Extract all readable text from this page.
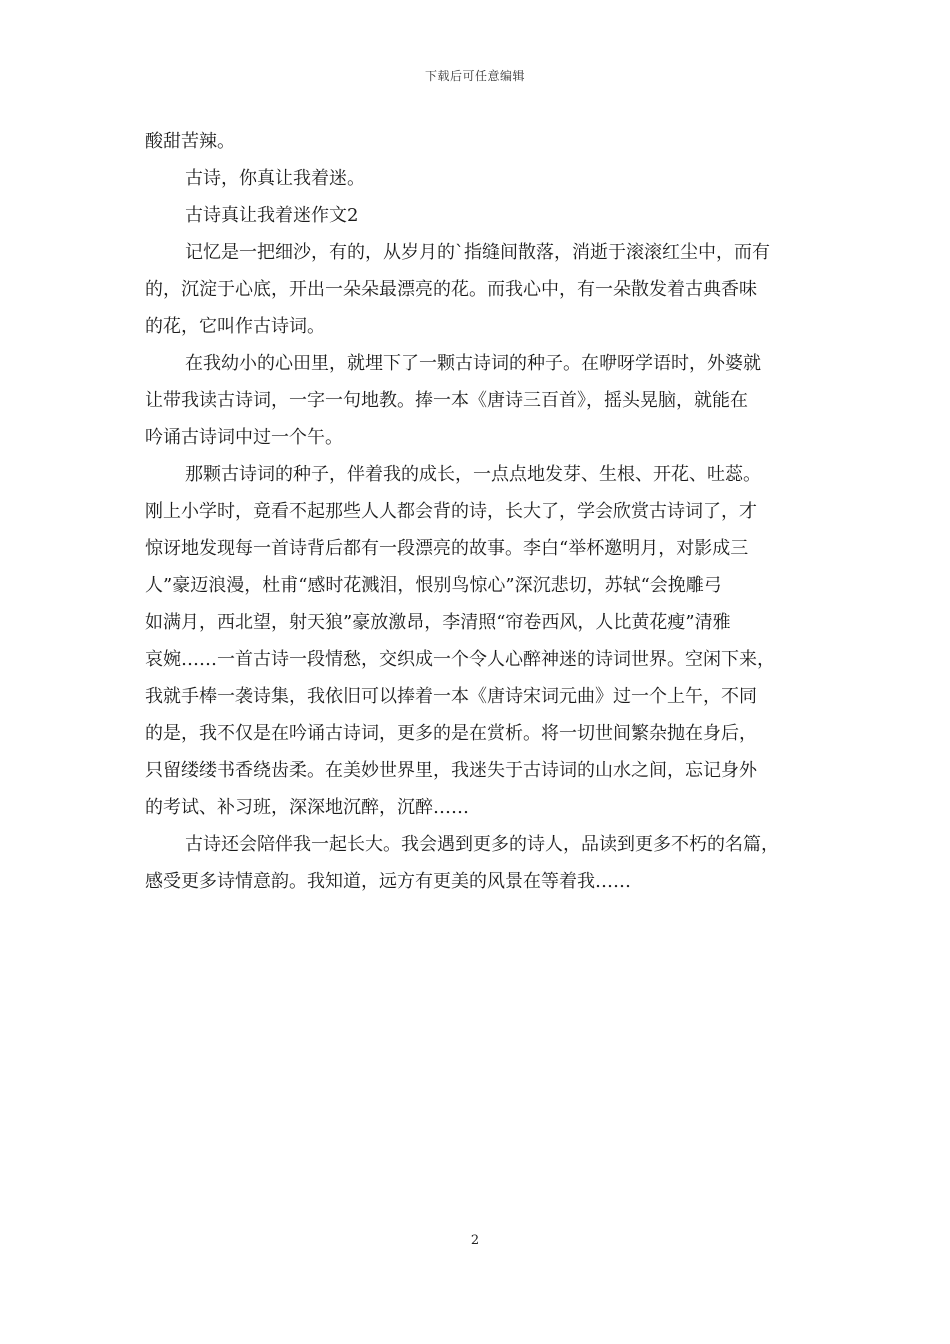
下载后可任意编辑
酸甜苦辣。
古诗，你真让我着迷。
古诗真让我着迷作文2
记忆是一把细沙，有的，从岁月的`指缝间散落，消逝于滚滚红尘中，而有
的，沉淀于心底，开出一朵朵最漂亮的花。而我心中，有一朵散发着古典香味
的花，它叫作古诗词。
在我幼小的心田里，就埋下了一颗古诗词的种子。在咿呀学语时，外婆就
让带我读古诗词，一字一句地教。捧一本《唐诗三百首》，摇头晃脑，就能在
吟诵古诗词中过一个午。
那颗古诗词的种子，伴着我的成长，一点点地发芽、生根、开花、吐蕊。
刚上小学时，竟看不起那些人人都会背的诗，长大了，学会欣赏古诗词了，才
惊讶地发现每一首诗背后都有一段漂亮的故事。李白“举杯邀明月，对影成三
人”豪迈浪漫，杜甫“感时花溅泪，恨别鸟惊心”深沉悲切，苏轼“会挽雕弓
如满月，西北望，射天狼”豪放激昂，李清照“帘卷西风，人比黄花瘦”清雅
哀婉……一首古诗一段情愁，交织成一个令人心醉神迷的诗词世界。空闲下来，
我就手棒一袭诗集，我依旧可以捧着一本《唐诗宋词元曲》过一个上午，不同
的是，我不仅是在吟诵古诗词，更多的是在赏析。将一切世间繁杂抛在身后，
只留缕缕书香绕齿柔。在美妙世界里，我迷失于古诗词的山水之间，忘记身外
的考试、补习班，深深地沉醉，沉醉……
古诗还会陪伴我一起长大。我会遇到更多的诗人，品读到更多不朽的名篇，
感受更多诗情意韵。我知道，远方有更美的风景在等着我……
2
